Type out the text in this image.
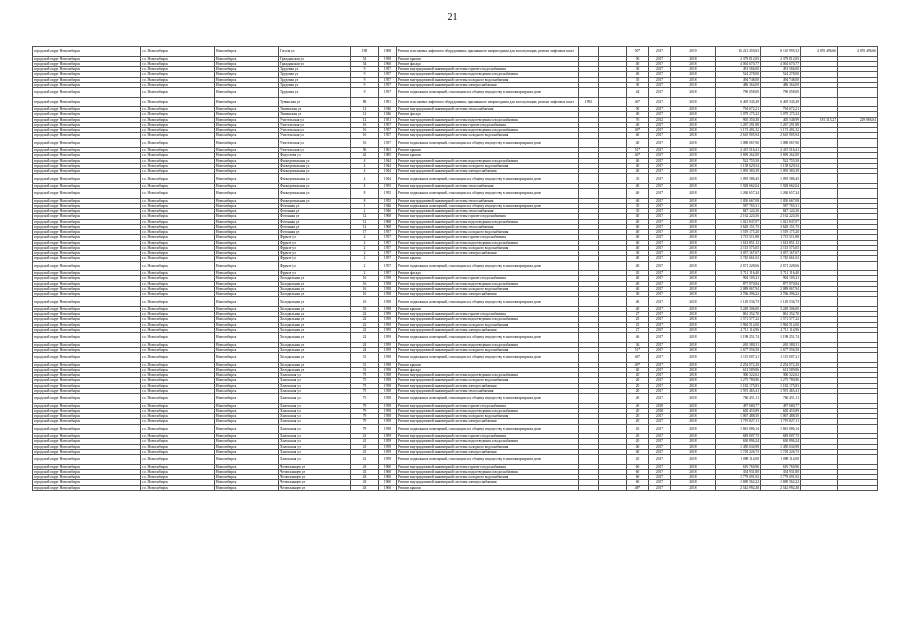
21
городской округ Новосибирск	г.о. Новосибирск	Новосибирск	Гоголя ул	198	1968	Ремонт или замена лифтового оборудования, признанного непригодным для эксплуатации, ремонт лифтовых шахт			50*	2017	2019	16 221 450,63	8 110 995,52	4 055 496,66	4 055 496,66
городской округ Новосибирск	г.о. Новосибирск	Новосибирск	Гражданская ул	52	1958	Ремонт крыши			50	2017	2018	2 379 012,83	2 379 012,83		
городской округ Новосибирск	г.о. Новосибирск	Новосибирск	Гражданская ул	54	1960	Ремонт фасада			40	2017	2018	4 004 670,77	4 004 670,77		
городской округ Новосибирск	г.о. Новосибирск	Новосибирск	Трудовая ул	9	1957	Ремонт внутридомовой инженерной системы горячего водоснабжения			30	2017	2018	491 566,00	491 566,00		
городской округ Новосибирск	г.о. Новосибирск	Новосибирск	Трудовая ул	9	1957	Ремонт внутридомовой инженерной системы водоотведения и водоснабжения			40	2017	2018	524 278,00	524 278,00		
городской округ Новосибирск	г.о. Новосибирск	Новосибирск	Трудовая ул	9	1957	Ремонт внутридомовой инженерной системы холодного водоснабжения			35	2017	2018	494 748,00	494 748,00		
городской округ Новосибирск	г.о. Новосибирск	Новосибирск	Трудовая ул	9	1957	Ремонт внутридомовой инженерной системы электроснабжения			30	2017	2018	486 364,00	486 364,00		
городской округ Новосибирск	г.о. Новосибирск	Новосибирск	Трудовая ул	9	1957	Ремонт подвальных помещений, относящихся к общему имуществу в многоквартирном доме			44	2017	2018	790 058,00	790 058,00		
городской округ Новосибирск	г.о. Новосибирск	Новосибирск	Тувинская ул	88	1991	Ремонт или замена лифтового оборудования, признанного непригодным для эксплуатации, ремонт лифтовых шахт	1992		46*	2017	2018	6 405 545,49	6 405 545,49		
городской округ Новосибирск	г.о. Новосибирск	Новосибирск	Тюменская ул	12	1946	Ремонт внутридомовой инженерной системы теплоснабжения			50	2017	2018	794 672,21	794 672,21		
городской округ Новосибирск	г.о. Новосибирск	Новосибирск	Тюменская ул	12	1946	Ремонт фасада			40	2017	2018	1 079 175,22	1 079 175,22		
городской округ Новосибирск	г.о. Новосибирск	Новосибирск	Учительская ул	12	1951	Ремонт внутридомовой инженерной системы водоотведения и водоснабжения			70	2012	2018	905 350,30	405 548,99	181 315,27	229 886,04
городской округ Новосибирск	г.о. Новосибирск	Новосибирск	Учительская ул	16	1957	Ремонт внутридомовой инженерной системы горячего водоснабжения			40	2017	2018	1 267 291,88	1 267 291,88		
городской округ Новосибирск	г.о. Новосибирск	Новосибирск	Учительская ул	16	1957	Ремонт внутридомовой инженерной системы водоотведения и водоснабжения			40*	2017	2018	1 173 491,32	1 173 491,32		
городской округ Новосибирск	г.о. Новосибирск	Новосибирск	Учительская ул	16	1957	Ремонт внутридомовой инженерной системы холодного водоснабжения			40	2017	2018	2 610 905,94	2 610 905,94		
городской округ Новосибирск	г.о. Новосибирск	Новосибирск	Учительская ул	16	1957	Ремонт подвальных помещений, относящихся к общему имуществу в многоквартирном доме			40	2017	2018	1 088 067,90	1 088 067,90		
городской округ Новосибирск	г.о. Новосибирск	Новосибирск	Учительская ул	56	1961	Ремонт крыши			51*	2017	2018	2 415 516,41	2 415 516,41		
городской округ Новосибирск	г.о. Новосибирск	Новосибирск	Федосеева ул	42	1985	Ремонт крыши			46*	2017	2018	3 690 262,00	3 690 262,00		
городской округ Новосибирск	г.о. Новосибирск	Новосибирск	Фильтровальная ул	4	1944	Ремонт внутридомовой инженерной системы водоотведения и водоснабжения			40	2017	2018	522 755,50	522 755,50		
городской округ Новосибирск	г.о. Новосибирск	Новосибирск	Фильтровальная ул	4	1944	Ремонт внутридомовой инженерной системы холодного водоснабжения			40	2017	2018	1 158 629,54	1 158 629,54		
городской округ Новосибирск	г.о. Новосибирск	Новосибирск	Фильтровальная ул	4	1944	Ремонт внутридомовой инженерной системы электроснабжения			40	2017	2018	1 095 383,39	1 095 383,39		
городской округ Новосибирск	г.о. Новосибирск	Новосибирск	Фильтровальная ул	4	1944	Ремонт подвальных помещений, относящихся к общему имуществу в многоквартирном доме			35	2017	2018	1 095 586,45	1 095 586,45		
городской округ Новосибирск	г.о. Новосибирск	Новосибирск	Фильтровальная ул	4	1955	Ремонт внутридомовой инженерной системы теплоснабжения			40	2017	2018	1 028 662,64	1 028 662,64		
городской округ Новосибирск	г.о. Новосибирск	Новосибирск	Фильтровальная ул	8	1955	Ремонт подвальных помещений, относящихся к общему имуществу в многоквартирном доме			40	2017	2018	1 260 657,24	1 260 657,24		
городской округ Новосибирск	г.о. Новосибирск	Новосибирск	Фильтровальная ул	8	1955	Ремонт внутридомовой инженерной системы теплоснабжения			40	2017	2018	1 050 667,08	1 050 667,08		
городской округ Новосибирск	г.о. Новосибирск	Новосибирск	Фотонная ул	1	1946	Ремонт подвальных помещений, относящихся к общему имуществу в многоквартирном доме			35	2017	2018	587 765,31	587 765,31		
городской округ Новосибирск	г.о. Новосибирск	Новосибирск	Фотонная ул	2	1946	Ремонт внутридомовой инженерной системы теплоснабжения			35	2017	2018	847 124,30	847 124,30		
городской округ Новосибирск	г.о. Новосибирск	Новосибирск	Фотонная ул	12	1968	Ремонт внутридомовой инженерной системы горячего водоснабжения			40	2017	2018	2 162 224,56	2 162 224,56		
городской округ Новосибирск	г.о. Новосибирск	Новосибирск	Фотонная ул	12	1968	Ремонт внутридомовой инженерной системы водоотведения и водоснабжения			40	2017	2018	1 021 847,07	1 021 847,07		
городской округ Новосибирск	г.о. Новосибирск	Новосибирск	Фотонная ул	12	1968	Ремонт внутридомовой инженерной системы теплоснабжения			40	2017	2018	3 620 151,75	3 620 151,75		
городской округ Новосибирск	г.о. Новосибирск	Новосибирск	Фотонная ул	17	1957	Ремонт внутридомовой инженерной системы холодного водоснабжения			40	2017	2018	1 519 175,20	1 519 175,20		
городской округ Новосибирск	г.о. Новосибирск	Новосибирск	Фрунзе ул	2	1957	Ремонт внутридомовой инженерной системы горячего водоснабжения			40	2017	2018	1 715 511,88	1 715 511,88		
городской округ Новосибирск	г.о. Новосибирск	Новосибирск	Фрунзе ул	2	1957	Ремонт внутридомовой инженерной системы водоотведения и водоснабжения			40	2017	2018	1 613 851,12	1 613 851,12		
городской округ Новосибирск	г.о. Новосибирск	Новосибирск	Фрунзе ул	2	1957	Ремонт внутридомовой инженерной системы холодного водоснабжения			40	2017	2018	2 115 575,65	2 115 575,65		
городской округ Новосибирск	г.о. Новосибирск	Новосибирск	Фрунзе ул	2	1957	Ремонт внутридомовой инженерной системы электроснабжения			30	2017	2018	3 037 167,67	3 037 167,67		
городской округ Новосибирск	г.о. Новосибирск	Новосибирск	Фрунзе ул	2	1957	Ремонт крыши			40	2017	2018	3 745 661,63	3 745 661,63		
городской округ Новосибирск	г.о. Новосибирск	Новосибирск	Фрунзе ул	2	1957	Ремонт подвальных помещений, относящихся к общему имуществу в многоквартирном доме			40	2017	2018	2 671 228,66	2 671 228,66		
городской округ Новосибирск	г.о. Новосибирск	Новосибирск	Фрунзе ул	2	1957	Ремонт фасада			45	2017	2018	5 711 116,40	5 711 116,40		
городской округ Новосибирск	г.о. Новосибирск	Новосибирск	Холодильная ул	16	1958	Ремонт внутридомовой инженерной системы горячего водоснабжения			40	2017	2018	904 105,41	904 105,41		
городской округ Новосибирск	г.о. Новосибирск	Новосибирск	Холодильная ул	16	1958	Ремонт внутридомовой инженерной системы водоотведения и водоснабжения			40	2017	2018	877 970,84	877 970,84		
городской округ Новосибирск	г.о. Новосибирск	Новосибирск	Холодильная ул	16	1958	Ремонт внутридомовой инженерной системы холодного водоснабжения			40	2017	2018	2 089 067,94	2 089 067,94		
городской округ Новосибирск	г.о. Новосибирск	Новосибирск	Холодильная ул	16	1958	Ремонт внутридомовой инженерной системы электроснабжения			30	2017	2018	2 766 296,22	2 766 296,22		
городской округ Новосибирск	г.о. Новосибирск	Новосибирск	Холодильная ул	16	1958	Ремонт подвальных помещений, относящихся к общему имуществу в многоквартирном доме			40	2017	2018	1 129 536,75	1 129 536,75		
городской округ Новосибирск	г.о. Новосибирск	Новосибирск	Холодильная ул	18	1958	Ремонт крыши			40	2017	2018	3 249 306,00	3 249 306,00		
городской округ Новосибирск	г.о. Новосибирск	Новосибирск	Холодильная ул	22	1959	Ремонт внутридомовой инженерной системы горячего водоснабжения			27	2017	2018	861 352,70	861 352,70		
городской округ Новосибирск	г.о. Новосибирск	Новосибирск	Холодильная ул	22	1959	Ремонт внутридомовой инженерной системы водоотведения и водоснабжения			25	2017	2018	1 571 577,22	1 571 577,22		
городской округ Новосибирск	г.о. Новосибирск	Новосибирск	Холодильная ул	22	1959	Ремонт внутридомовой инженерной системы холодного водоснабжения			25	2017	2018	1 964 512,60	1 964 512,60		
городской округ Новосибирск	г.о. Новосибирск	Новосибирск	Холодильная ул	22	1959	Ремонт внутридомовой инженерной системы электроснабжения			27	2017	2018	2 711 114,96	2 711 114,96		
городской округ Новосибирск	г.о. Новосибирск	Новосибирск	Холодильная ул	22	1959	Ремонт подвальных помещений, относящихся к общему имуществу в многоквартирном доме			46	2017	2018	1 198 251,74	1 198 251,74		
городской округ Новосибирск	г.о. Новосибирск	Новосибирск	Холодильная ул	24	1959	Ремонт внутридомовой инженерной системы водоотведения и водоснабжения			36	2017	2018	265 380,31	265 380,31		
городской округ Новосибирск	г.о. Новосибирск	Новосибирск	Холодильная ул	24	1959	Ремонт внутридомовой инженерной системы холодного водоснабжения			51*	2017	2018	1 677 556,50	1 677 556,50		
городской округ Новосибирск	г.о. Новосибирск	Новосибирск	Холодильная ул	31	1958	Ремонт подвальных помещений, относящихся к общему имуществу в многоквартирном доме			46*	2017	2018	1 115 007,21	1 115 007,21		
городской округ Новосибирск	г.о. Новосибирск	Новосибирск	Холодильная ул	31	1958	Ремонт крыши			49*	2017	2018	2 254 072,20	2 254 072,20		
городской округ Новосибирск	г.о. Новосибирск	Новосибирск	Холодильная ул	31	1958	Ремонт фасада			40	2017	2018	613 589,86	613 589,86		
городской округ Новосибирск	г.о. Новосибирск	Новосибирск	Хилокская ул	75	1958	Ремонт внутридомовой инженерной системы водоотведения и водоснабжения			20	2017	2018	306 322,62	306 322,62		
городской округ Новосибирск	г.о. Новосибирск	Новосибирск	Хилокская ул	75	1958	Ремонт внутридомовой инженерной системы холодного водоснабжения			20	2017	2018	1 275 780,96	1 275 780,96		
городской округ Новосибирск	г.о. Новосибирск	Новосибирск	Хилокская ул	75	1958	Ремонт внутридомовой инженерной системы электроснабжения			20	2017	2018	1 182 175,83	1 182 175,83		
городской округ Новосибирск	г.о. Новосибирск	Новосибирск	Хилокская ул	75	1958	Ремонт внутридомовой инженерной системы теплоснабжения			20	2017	2018	1 591 465,41	1 591 465,41		
городской округ Новосибирск	г.о. Новосибирск	Новосибирск	Хилокская ул	75	1958	Ремонт подвальных помещений, относящихся к общему имуществу в многоквартирном доме			20	2017	2018	760 451,11	760 451,11		
городской округ Новосибирск	г.о. Новосибирск	Новосибирск	Хилокская ул	79	1958	Ремонт внутридомовой инженерной системы горячего водоснабжения			20	2018	2018	497 680,77	497 680,77		
городской округ Новосибирск	г.о. Новосибирск	Новосибирск	Хилокская ул	79	1958	Ремонт внутридомовой инженерной системы водоотведения и водоснабжения			20	2018	2018	650 455,89	650 455,89		
городской округ Новосибирск	г.о. Новосибирск	Новосибирск	Хилокская ул	79	1958	Ремонт внутридомовой инженерной системы холодного водоснабжения			20	2017	2018	1 067 488,50	1 067 488,50		
городской округ Новосибирск	г.о. Новосибирск	Новосибирск	Хилокская ул	79	1958	Ремонт внутридомовой инженерной системы электроснабжения			20	2017	2018	1 719 827,11	1 719 827,11		
городской округ Новосибирск	г.о. Новосибирск	Новосибирск	Хилокская ул	79	1958	Ремонт подвальных помещений, относящихся к общему имуществу в многоквартирном доме			45	2017	2018	1 681 086,14	1 681 086,14		
городской округ Новосибирск	г.о. Новосибирск	Новосибирск	Хилокская ул	41	1959	Ремонт внутридомовой инженерной системы горячего водоснабжения			20	2017	2018	849 007,75	849 007,75		
городской округ Новосибирск	г.о. Новосибирск	Новосибирск	Хилокская ул	41	1959	Ремонт внутридомовой инженерной системы водоотведения и водоснабжения			20	2017	2018	630 896,24	630 896,24		
городской округ Новосибирск	г.о. Новосибирск	Новосибирск	Хилокская ул	41	1959	Ремонт внутридомовой инженерной системы холодного водоснабжения			40	2017	2018	1 450 634,98	1 450 634,98		
городской округ Новосибирск	г.о. Новосибирск	Новосибирск	Хилокская ул	41	1959	Ремонт внутридомовой инженерной системы электроснабжения			40	2017	2018	1 718 226,75	1 718 226,75		
городской округ Новосибирск	г.о. Новосибирск	Новосибирск	Хилокская ул	41	1959	Ремонт подвальных помещений, относящихся к общему имуществу в многоквартирном доме			45	2017	2018	1 088 114,00	1 088 114,00		
городской округ Новосибирск	г.о. Новосибирск	Новосибирск	Челюскинцев ул	43	1960	Ремонт внутридомовой инженерной системы горячего водоснабжения			60	2017	2018	610 760,96	610 760,96		
городской округ Новосибирск	г.о. Новосибирск	Новосибирск	Челюскинцев ул	43	1960	Ремонт внутридомовой инженерной системы водоотведения и водоснабжения			60	2017	2018	354 931,80	354 931,80		
городской округ Новосибирск	г.о. Новосибирск	Новосибирск	Челюскинцев ул	43	1960	Ремонт внутридомовой инженерной системы холодного водоснабжения			60	2017	2018	1 779 691,92	1 779 691,92		
городской округ Новосибирск	г.о. Новосибирск	Новосибирск	Челюскинцев ул	43	1960	Ремонт внутридомовой инженерной системы электроснабжения			60	2017	2018	1 690 562,22	1 690 562,22		
городской округ Новосибирск	г.о. Новосибирск	Новосибирск	Челюскинцев ул	43	1960	Ремонт крыши			48*	2017	2018	2 542 992,40	2 542 992,40		
